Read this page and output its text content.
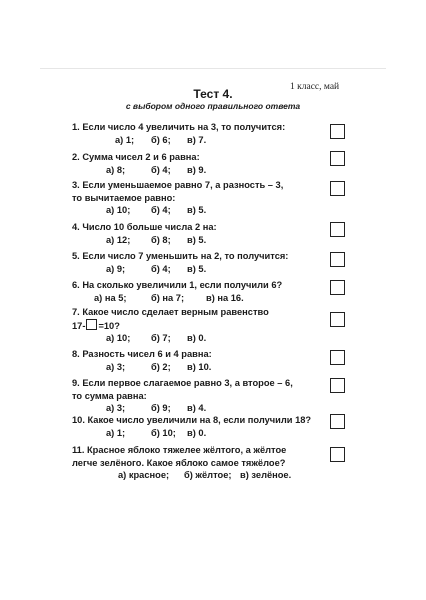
1 класс, май
Тест 4.
с выбором одного правильного ответа
1. Если число 4 увеличить на 3, то получится:
а) 1; б) 6; в) 7.
2. Сумма чисел 2 и 6 равна:
а) 8;	б) 4; в) 9.
3. Если уменьшаемое равно 7, а разность – 3,
то вычитаемое равно:
а) 10; б) 4; в) 5.
4. Число 10 больше числа 2 на:
а) 12; б) 8; в) 5.
5. Если число 7 уменьшить на 2, то получится:
а) 9;	б) 4; в) 5.
6. На сколько увеличили 1, если получили 6?
а) на 5;	б) на 7; в) на 16.
7. Какое число сделает верным равенство
17- =10?
а) 10; б) 7; в) 0.
8. Разность чисел 6 и 4 равна:
а) 3;	б) 2; в) 10.
9. Если первое слагаемое равно 3, а второе – 6,
то сумма равна:
а) 3;	б) 9; в) 4.
10. Какое число увеличили на 8, если получили 18?
а) 1;	б) 10; в) 0.
11. Красное яблоко тяжелее жёлтого, а жёлтое
легче зелёного. Какое яблоко самое тяжёлое?
а) красное; б) жёлтое; в) зелёное.
